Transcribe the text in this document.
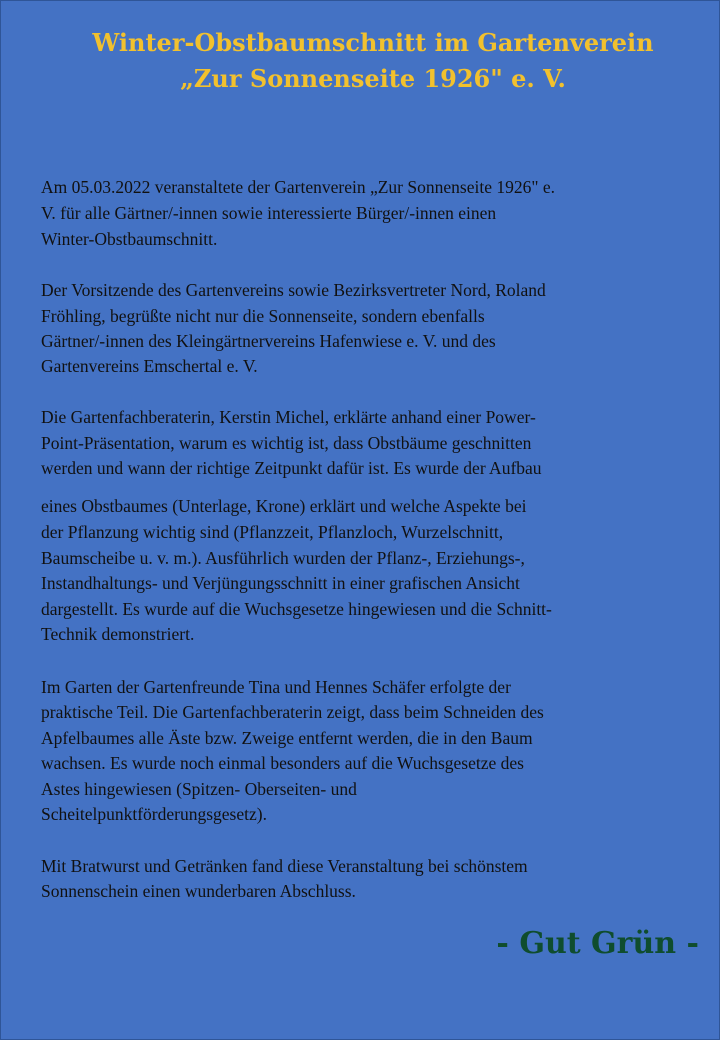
Winter-Obstbaumschnitt im Gartenverein
„Zur Sonnenseite 1926" e. V.
Am 05.03.2022 veranstaltete der Gartenverein „Zur Sonnenseite 1926" e.
V. für alle Gärtner/-innen sowie interessierte Bürger/-innen einen
Winter-Obstbaumschnitt.
Der Vorsitzende des Gartenvereins sowie Bezirksvertreter Nord, Roland
Fröhling, begrüßte nicht nur die Sonnenseite, sondern ebenfalls
Gärtner/-innen des Kleingärtnervereins Hafenwiese e. V. und des
Gartenvereins Emschertal e. V.
Die Gartenfachberaterin, Kerstin Michel, erklärte anhand einer Power-
Point-Präsentation, warum es wichtig ist, dass Obstbäume geschnitten
werden und wann der richtige Zeitpunkt dafür ist. Es wurde der Aufbau
eines Obstbaumes (Unterlage, Krone) erklärt und welche Aspekte bei
der Pflanzung wichtig sind (Pflanzzeit, Pflanzloch, Wurzelschnitt,
Baumscheibe u. v. m.). Ausführlich wurden der Pflanz-, Erziehungs-,
Instandhaltungs- und Verjüngungsschnitt in einer grafischen Ansicht
dargestellt. Es wurde auf die Wuchsgesetze hingewiesen und die Schnitt-
Technik demonstriert.
Im Garten der Gartenfreunde Tina und Hennes Schäfer erfolgte der
praktische Teil. Die Gartenfachberaterin zeigt, dass beim Schneiden des
Apfelbaumes alle Äste bzw. Zweige entfernt werden, die in den Baum
wachsen. Es wurde noch einmal besonders auf die Wuchsgesetze des
Astes hingewiesen (Spitzen- Oberseiten- und
Scheitelpunktförderungsgesetz).
Mit Bratwurst und Getränken fand diese Veranstaltung bei schönstem
Sonnenschein einen wunderbaren Abschluss.
- Gut Grün -
